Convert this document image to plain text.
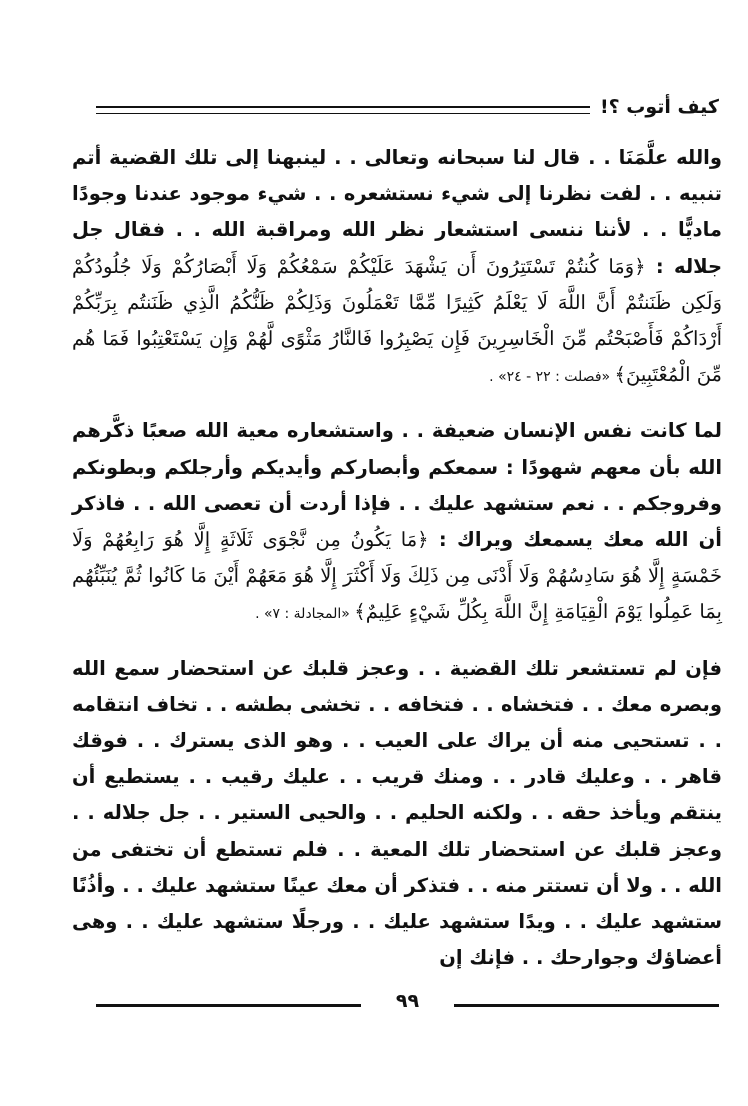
كيف أتوب ؟!

والله علَّمَنَا . . قال لنا سبحانه وتعالى . . لينبهنا إلى تلك القضية أتم تنبيه . . لفت نظرنا إلى شيء نستشعره . . شيء موجود عندنا وجودًا ماديًّا . . لأننا ننسى استشعار نظر الله ومراقبة الله . . فقال جل جلاله : ﴿وَمَا كُنتُمْ تَسْتَتِرُونَ أَن يَشْهَدَ عَلَيْكُمْ سَمْعُكُمْ وَلَا أَبْصَارُكُمْ وَلَا جُلُودُكُمْ وَلَكِن ظَنَنتُمْ أَنَّ اللَّهَ لَا يَعْلَمُ كَثِيرًا مِّمَّا تَعْمَلُونَ وَذَلِكُمْ ظَنُّكُمُ الَّذِي ظَنَنتُم بِرَبِّكُمْ أَرْدَاكُمْ فَأَصْبَحْتُم مِّنَ الْخَاسِرِينَ فَإِن يَصْبِرُوا فَالنَّارُ مَثْوًى لَّهُمْ وَإِن يَسْتَعْتِبُوا فَمَا هُم مِّنَ الْمُعْتَبِينَ﴾ «فصلت : ٢٢ - ٢٤» .

لما كانت نفس الإنسان ضعيفة . . واستشعاره معية الله صعبًا ذكَّرهم الله بأن معهم شهودًا : سمعكم وأبصاركم وأيديكم وأرجلكم وبطونكم وفروجكم . . نعم ستشهد عليك . . فإذا أردت أن تعصى الله . . فاذكر أن الله معك يسمعك ويراك : ﴿مَا يَكُونُ مِن نَّجْوَى ثَلَاثَةٍ إِلَّا هُوَ رَابِعُهُمْ وَلَا خَمْسَةٍ إِلَّا هُوَ سَادِسُهُمْ وَلَا أَدْنَى مِن ذَلِكَ وَلَا أَكْثَرَ إِلَّا هُوَ مَعَهُمْ أَيْنَ مَا كَانُوا ثُمَّ يُنَبِّئُهُم بِمَا عَمِلُوا يَوْمَ الْقِيَامَةِ إِنَّ اللَّهَ بِكُلِّ شَيْءٍ عَلِيمٌ﴾ «المجادلة : ٧» .

فإن لم تستشعر تلك القضية . . وعجز قلبك عن استحضار سمع الله وبصره معك . . فتخشاه . . فتخافه . . تخشى بطشه . . تخاف انتقامه . . تستحيى منه أن يراك على العيب . . وهو الذى يسترك . . فوقك قاهر . . وعليك قادر . . ومنك قريب . . عليك رقيب . . يستطيع أن ينتقم ويأخذ حقه . . ولكنه الحليم . . والحيى الستير . . جل جلاله . . وعجز قلبك عن استحضار تلك المعية . . فلم تستطع أن تختفى من الله . . ولا أن تستتر منه . . فتذكر أن معك عينًا ستشهد عليك . . وأذُنًا ستشهد عليك . . ويدًا ستشهد عليك . . ورجلًا ستشهد عليك . . وهى أعضاؤك وجوارحك . . فإنك إن

٩٩
